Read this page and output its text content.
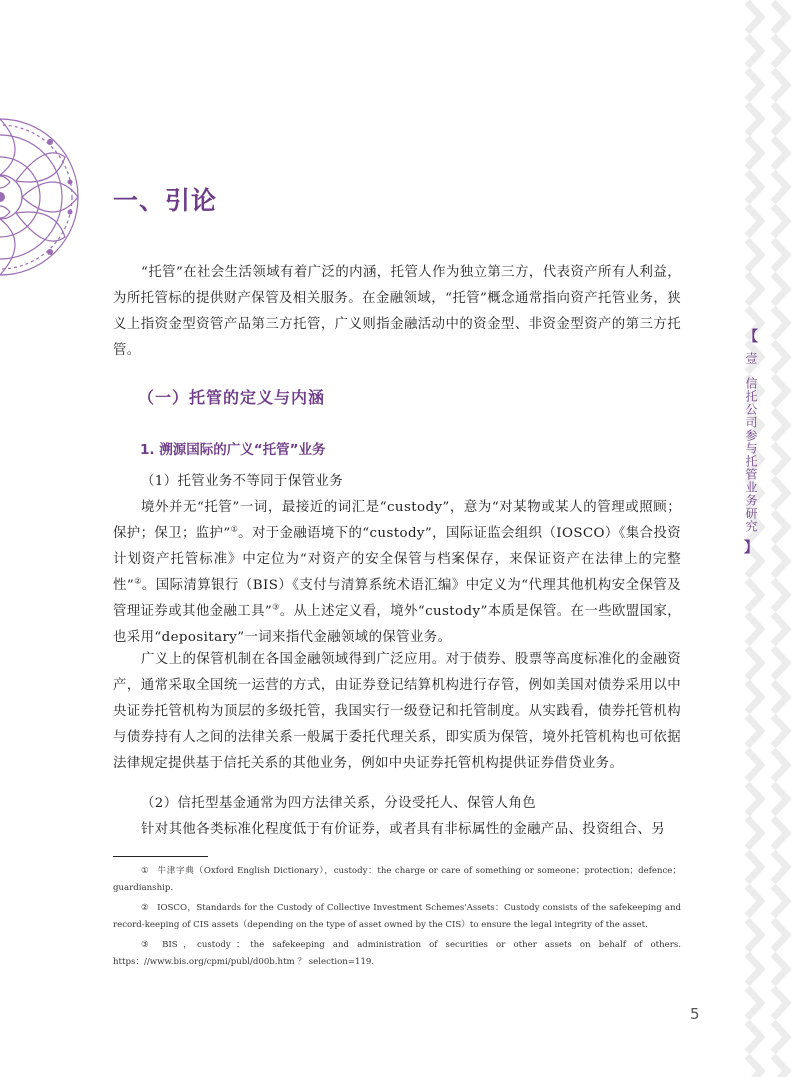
【
壹
信托公司参与托管业务研究
】
一、引论

“托管”在社会生活领域有着广泛的内涵，托管人作为独立第三方，代表资产所有人利益，为所托管标的提供财产保管及相关服务。在金融领域，“托管”概念通常指向资产托管业务，狭义上指资金型资管产品第三方托管，广义则指金融活动中的资金型、非资金型资产的第三方托管。

（一）托管的定义与内涵
1. 溯源国际的广义“托管”业务

（1）托管业务不等同于保管业务

境外并无“托管”一词，最接近的词汇是“custody”，意为“对某物或某人的管理或照顾；保护；保卫；监护”①。对于金融语境下的“custody”，国际证监会组织（IOSCO）《集合投资计划资产托管标准》中定位为“对资产的安全保管与档案保存，来保证资产在法律上的完整性”②。国际清算银行（BIS）《支付与清算系统术语汇编》中定义为“代理其他机构安全保管及管理证券或其他金融工具”③。从上述定义看，境外“custody”本质是保管。在一些欧盟国家，也采用“depositary”一词来指代金融领域的保管业务。

广义上的保管机制在各国金融领域得到广泛应用。对于债券、股票等高度标准化的金融资产，通常采取全国统一运营的方式，由证券登记结算机构进行存管，例如美国对债券采用以中央证券托管机构为顶层的多级托管，我国实行一级登记和托管制度。从实践看，债券托管机构与债券持有人之间的法律关系一般属于委托代理关系，即实质为保管，境外托管机构也可依据法律规定提供基于信托关系的其他业务，例如中央证券托管机构提供证券借贷业务。

（2）信托型基金通常为四方法律关系，分设受托人、保管人角色

针对其他各类标准化程度低于有价证券，或者具有非标属性的金融产品、投资组合、另

① 牛津字典（Oxford English Dictionary），custody：the charge or care of something or someone；protection；defence；guardianship.

② IOSCO，Standards for the Custody of Collective Investment Schemes'Assets：Custody consists of the safekeeping and record-keeping of CIS assets（depending on the type of asset owned by the CIS）to ensure the legal integrity of the asset.

③ BIS，custody：the safekeeping and administration of securities or other assets on behalf of others. https：//www.bis.org/cpmi/publ/d00b.htm ？ selection=119.

5
